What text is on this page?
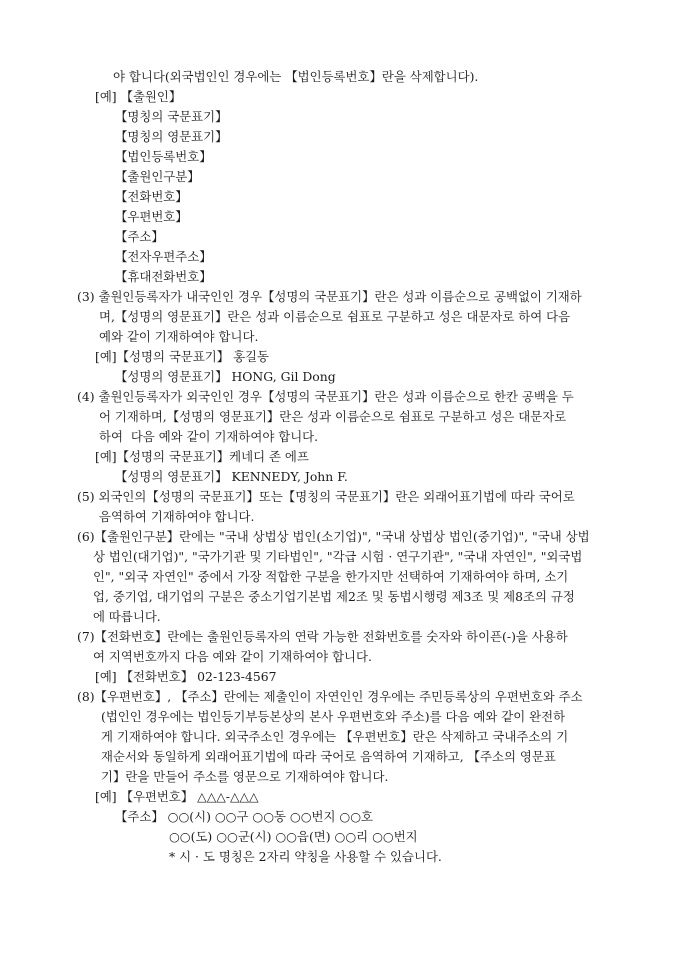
야 합니다(외국법인인 경우에는 【법인등록번호】란을 삭제합니다).
[예] 【출원인】
【명칭의 국문표기】
【명칭의 영문표기】
【법인등록번호】
【출원인구분】
【전화번호】
【우편번호】
【주소】
【전자우편주소】
【휴대전화번호】
(3) 출원인등록자가 내국인인 경우【성명의 국문표기】란은 성과 이름순으로 공백없이 기재하
며,【성명의 영문표기】란은 성과 이름순으로 쉼표로 구분하고 성은 대문자로 하여 다음
예와 같이 기재하여야 합니다.
[예]【성명의 국문표기】 홍길동
【성명의 영문표기】 HONG, Gil Dong
(4) 출원인등록자가 외국인인 경우【성명의 국문표기】란은 성과 이름순으로 한칸 공백을 두
어 기재하며,【성명의 영문표기】란은 성과 이름순으로 쉼표로 구분하고 성은 대문자로
하여  다음 예와 같이 기재하여야 합니다.
[예]【성명의 국문표기】케네디 존 에프
【성명의 영문표기】 KENNEDY, John F.
(5) 외국인의【성명의 국문표기】또는【명칭의 국문표기】란은 외래어표기법에 따라 국어로
음역하여 기재하여야 합니다.
(6)【출원인구분】란에는 "국내 상법상 법인(소기업)", "국내 상법상 법인(중기업)", "국내 상법
상 법인(대기업)", "국가기관 및 기타법인", "각급 시험 · 연구기관", "국내 자연인", "외국법
인", "외국 자연인" 중에서 가장 적합한 구분을 한가지만 선택하여 기재하여야 하며, 소기
업, 중기업, 대기업의 구분은 중소기업기본법 제2조 및 동법시행령 제3조 및 제8조의 규정
에 따릅니다.
(7)【전화번호】란에는 출원인등록자의 연락 가능한 전화번호를 숫자와 하이픈(-)을 사용하
여 지역번호까지 다음 예와 같이 기재하여야 합니다.
[예] 【전화번호】 02-123-4567
(8)【우편번호】, 【주소】란에는 제출인이 자연인인 경우에는 주민등록상의 우편번호와 주소
(법인인 경우에는 법인등기부등본상의 본사 우편번호와 주소)를 다음 예와 같이 완전하
게 기재하여야 합니다. 외국주소인 경우에는 【우편번호】란은 삭제하고 국내주소의 기
재순서와 동일하게 외래어표기법에 따라 국어로 음역하여 기재하고, 【주소의 영문표
기】란을 만들어 주소를 영문으로 기재하여야 합니다.
[예] 【우편번호】 △△△-△△△
【주소】 ○○(시) ○○구 ○○동 ○○번지 ○○호
○○(도) ○○군(시) ○○읍(면) ○○리 ○○번지
* 시 · 도 명칭은 2자리 약칭을 사용할 수 있습니다.
